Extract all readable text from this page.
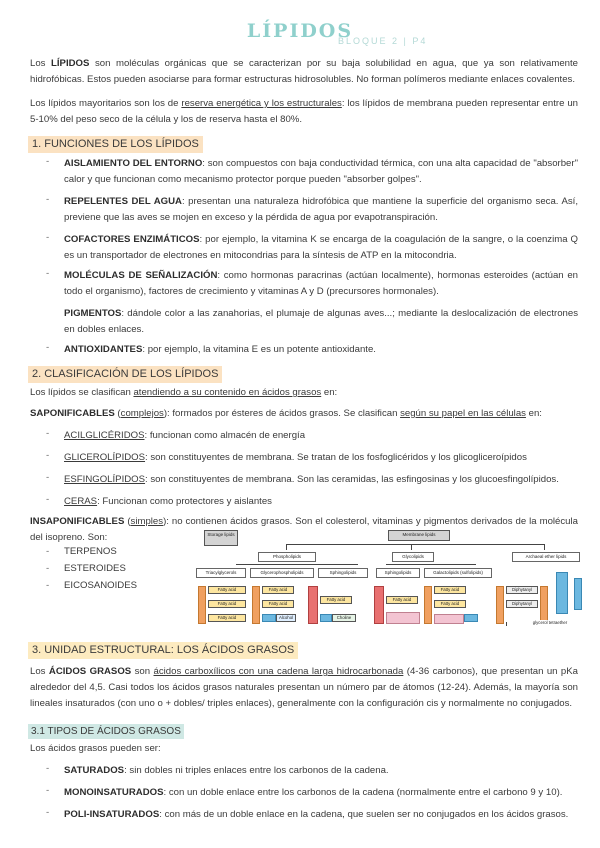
LÍPIDOS
BLOQUE 2 | P4
Los LÍPIDOS son moléculas orgánicas que se caracterizan por su baja solubilidad en agua, que ya son relativamente hidrofóbicas. Estos pueden asociarse para formar estructuras hidrosolubles. No forman polímeros mediante enlaces covalentes.
Los lípidos mayoritarios son los de reserva energética y los estructurales: los lípidos de membrana pueden representar entre un 5-10% del peso seco de la célula y los de reserva hasta el 80%.
1. FUNCIONES DE LOS LÍPIDOS
- AISLAMIENTO DEL ENTORNO: son compuestos con baja conductividad térmica, con una alta capacidad de "absorber" calor y que funcionan como mecanismo protector porque pueden "absorber golpes".
- REPELENTES DEL AGUA: presentan una naturaleza hidrofóbica que mantiene la superficie del organismo seca. Así, previene que las aves se mojen en exceso y la pérdida de agua por evapotranspiración.
- COFACTORES ENZIMÁTICOS: por ejemplo, la vitamina K se encarga de la coagulación de la sangre, o la coenzima Q es un transportador de electrones en mitocondrias para la síntesis de ATP en la mitocondria.
- MOLÉCULAS DE SEÑALIZACIÓN: como hormonas paracrinas (actúan localmente), hormonas esteroides (actúan en todo el organismo), factores de crecimiento y vitaminas A y D (precursores hormonales).
PIGMENTOS: dándole color a las zanahorias, el plumaje de algunas aves...; mediante la deslocalización de electrones en dobles enlaces.
- ANTIOXIDANTES: por ejemplo, la vitamina E es un potente antioxidante.
2. CLASIFICACIÓN DE LOS LÍPIDOS
Los lípidos se clasifican atendiendo a su contenido en ácidos grasos en:
SAPONIFICABLES (complejos): formados por ésteres de ácidos grasos. Se clasifican según su papel en las células en:
- ACILGLICÉRIDOS: funcionan como almacén de energía
- GLICEROLÍPIDOS: son constituyentes de membrana. Se tratan de los fosfoglicéridos y los glicogliceroípidos
- ESFINGOLÍPIDOS: son constituyentes de membrana. Son las ceramidas, las esfingosinas y los glucoesfingolípidos.
- CERAS: Funcionan como protectores y aislantes
INSAPONIFICABLES (simples): no contienen ácidos grasos. Son el colesterol, vitaminas y pigmentos derivados de la molécula del isopreno. Son:
- TERPENOS
- ESTEROIDES
- EICOSANOIDES
Storage lipids	Membrane lipids
Phospholipids	Glycolipids	Archaeal ether lipids
Triacylglycerols	Glycerophospholipids	Sphingolipids	Sphingolipids	Galactolipids (sulfolipids)
Fatty acid
Fatty acid
Fatty acid
Fatty acid
Fatty acid
Alcohol
Fatty acid
Choline
Fatty acid
Fatty acid
Fatty acid
Diphytanyl
Diphytanyl
glycerol tetraether
3. UNIDAD ESTRUCTURAL: LOS ÁCIDOS GRASOS
Los ÁCIDOS GRASOS son ácidos carboxílicos con una cadena larga hidrocarbonada (4-36 carbonos), que presentan un pKa alrededor del 4,5. Casi todos los ácidos grasos naturales presentan un número par de átomos (12-24). Además, la mayoría son lineales insaturados (con uno o + dobles/ triples enlaces), generalmente con la configuración cis y normalmente no conjugados.
3.1 TIPOS DE ÁCIDOS GRASOS
Los ácidos grasos pueden ser:
- SATURADOS: sin dobles ni triples enlaces entre los carbonos de la cadena.
- MONOINSATURADOS: con un doble enlace entre los carbonos de la cadena (normalmente entre el carbono 9 y 10).
- POLI-INSATURADOS: con más de un doble enlace en la cadena, que suelen ser no conjugados en los ácidos grasos.
